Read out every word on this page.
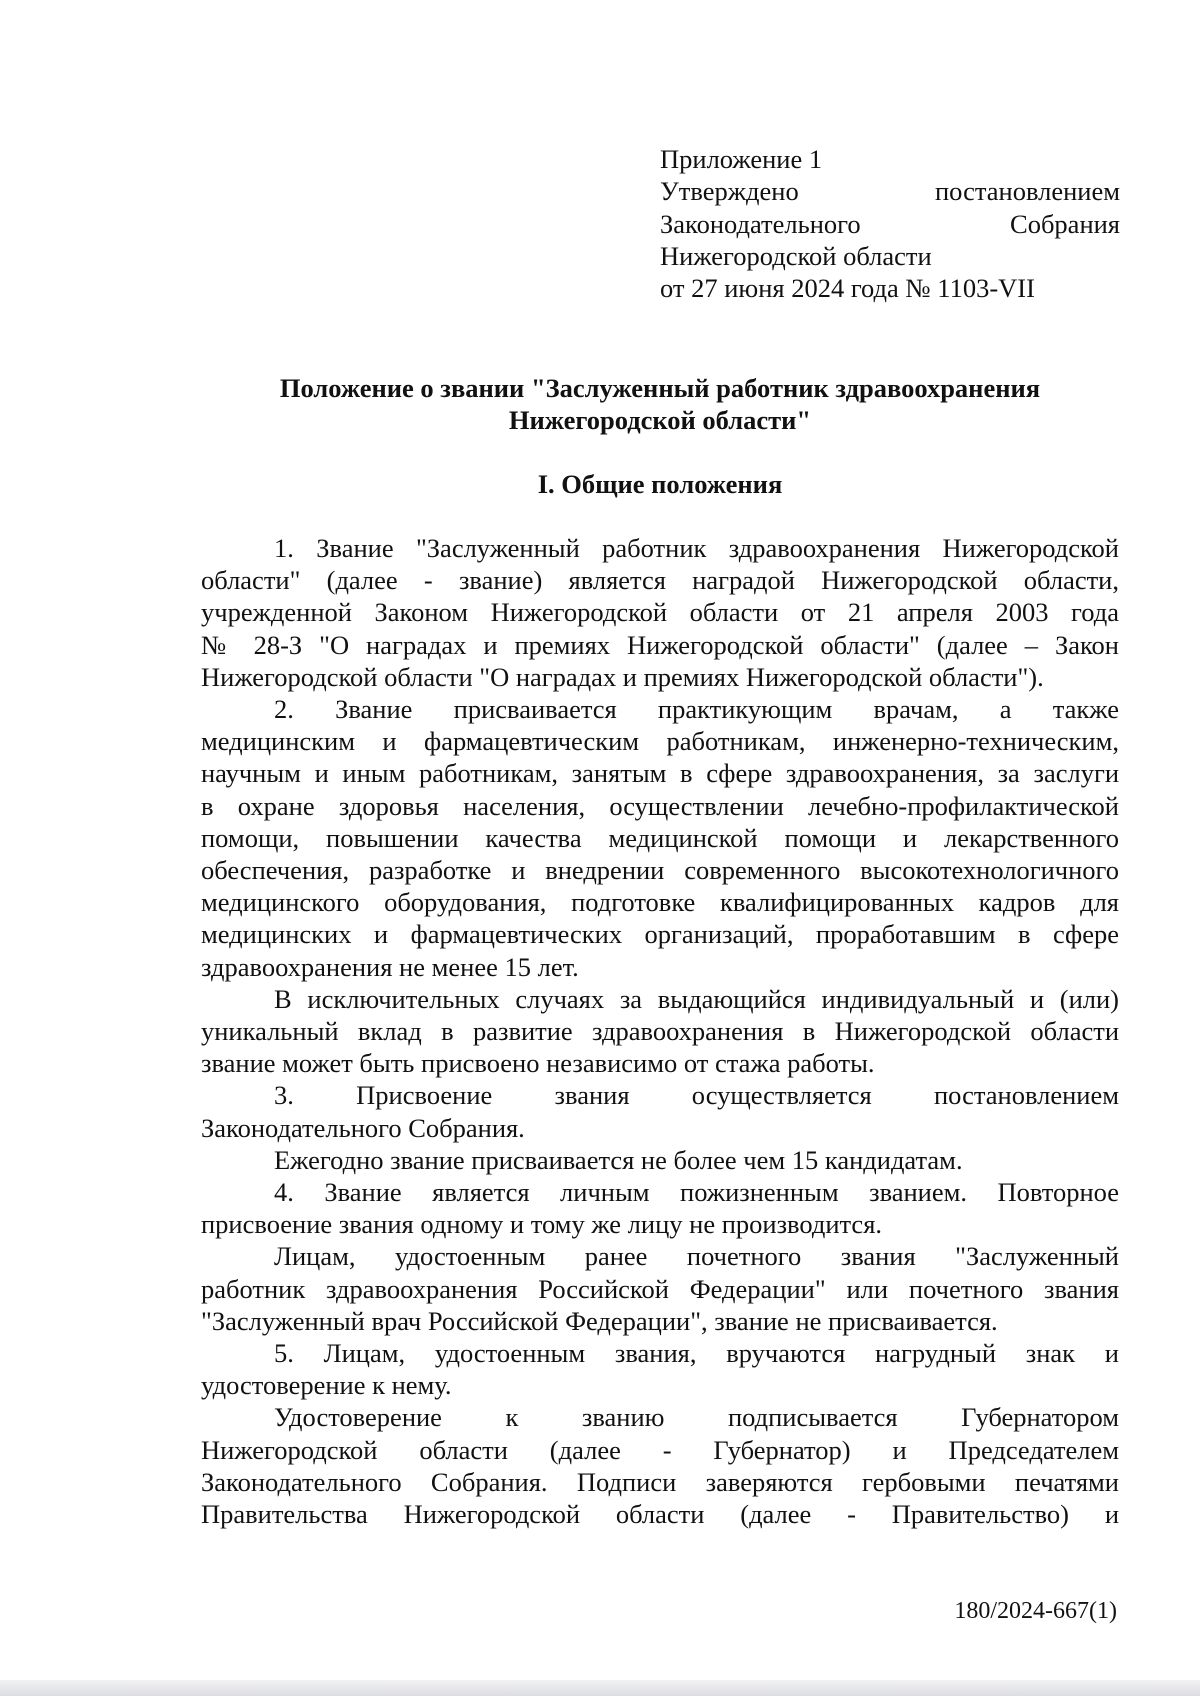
Приложение 1
Утверждено постановлением
Законодательного Собрания
Нижегородской области
от 27 июня 2024 года № 1103-VII
Положение о звании "Заслуженный работник здравоохранения
Нижегородской области"
I. Общие положения
1. Звание "Заслуженный работник здравоохранения Нижегородской
области" (далее - звание) является наградой Нижегородской области,
учрежденной Законом Нижегородской области от 21 апреля 2003 года
№ 28-З "О наградах и премиях Нижегородской области" (далее – Закон
Нижегородской области "О наградах и премиях Нижегородской области").
2. Звание присваивается практикующим врачам, а также
медицинским и фармацевтическим работникам, инженерно-техническим,
научным и иным работникам, занятым в сфере здравоохранения, за заслуги
в охране здоровья населения, осуществлении лечебно-профилактической
помощи, повышении качества медицинской помощи и лекарственного
обеспечения, разработке и внедрении современного высокотехнологичного
медицинского оборудования, подготовке квалифицированных кадров для
медицинских и фармацевтических организаций, проработавшим в сфере
здравоохранения не менее 15 лет.
В исключительных случаях за выдающийся индивидуальный и (или)
уникальный вклад в развитие здравоохранения в Нижегородской области
звание может быть присвоено независимо от стажа работы.
3. Присвоение звания осуществляется постановлением
Законодательного Собрания.
Ежегодно звание присваивается не более чем 15 кандидатам.
4. Звание является личным пожизненным званием. Повторное
присвоение звания одному и тому же лицу не производится.
Лицам, удостоенным ранее почетного звания "Заслуженный
работник здравоохранения Российской Федерации" или почетного звания
"Заслуженный врач Российской Федерации", звание не присваивается.
5. Лицам, удостоенным звания, вручаются нагрудный знак и
удостоверение к нему.
Удостоверение к званию подписывается Губернатором
Нижегородской области (далее - Губернатор) и Председателем
Законодательного Собрания. Подписи заверяются гербовыми печатями
Правительства Нижегородской области (далее - Правительство) и
180/2024-667(1)
